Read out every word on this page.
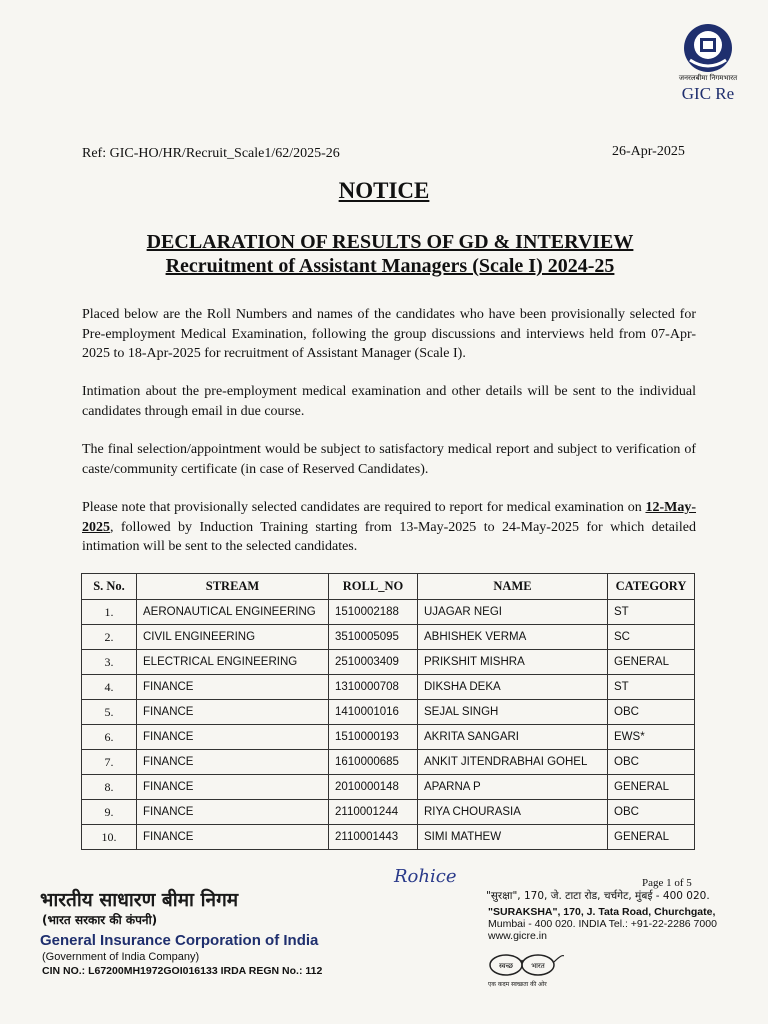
जनरलबीमा निगमभारत
GIC Re
Ref: GIC-HO/HR/Recruit_Scale1/62/2025-26	26-Apr-2025
NOTICE
DECLARATION OF RESULTS OF GD & INTERVIEW
Recruitment of Assistant Managers (Scale I) 2024-25
Placed below are the Roll Numbers and names of the candidates who have been provisionally selected for Pre-employment Medical Examination, following the group discussions and interviews held from 07-Apr-2025 to 18-Apr-2025 for recruitment of Assistant Manager (Scale I).
Intimation about the pre-employment medical examination and other details will be sent to the individual candidates through email in due course.
The final selection/appointment would be subject to satisfactory medical report and subject to verification of caste/community certificate (in case of Reserved Candidates).
Please note that provisionally selected candidates are required to report for medical examination on 12-May-2025, followed by Induction Training starting from 13-May-2025 to 24-May-2025 for which detailed intimation will be sent to the selected candidates.
S. No.	STREAM	ROLL_NO	NAME	CATEGORY
1.	AERONAUTICAL ENGINEERING	1510002188	UJAGAR NEGI	ST
2.	CIVIL ENGINEERING	3510005095	ABHISHEK VERMA	SC
3.	ELECTRICAL ENGINEERING	2510003409	PRIKSHIT MISHRA	GENERAL
4.	FINANCE	1310000708	DIKSHA DEKA	ST
5.	FINANCE	1410001016	SEJAL SINGH	OBC
6.	FINANCE	1510000193	AKRITA SANGARI	EWS*
7.	FINANCE	1610000685	ANKIT JITENDRABHAI GOHEL	OBC
8.	FINANCE	2010000148	APARNA P	GENERAL
9.	FINANCE	2110001244	RIYA CHOURASIA	OBC
10.	FINANCE	2110001443	SIMI MATHEW	GENERAL
भारतीय साधारण बीमा निगम
(भारत सरकार की कंपनी)
General Insurance Corporation of India
(Government of India Company)
CIN NO.: L67200MH1972GOI016133 IRDA REGN No.: 112
Rohice	Page 1 of 5
"सुरक्षा", 170, जे. टाटा रोड, चर्चगेट, मुंबई - 400 020.
"SURAKSHA", 170, J. Tata Road, Churchgate,
Mumbai - 400 020. INDIA Tel.: +91-22-2286 7000
www.gicre.in
स्वच्छ	भारत
एक कदम स्वच्छता की ओर
